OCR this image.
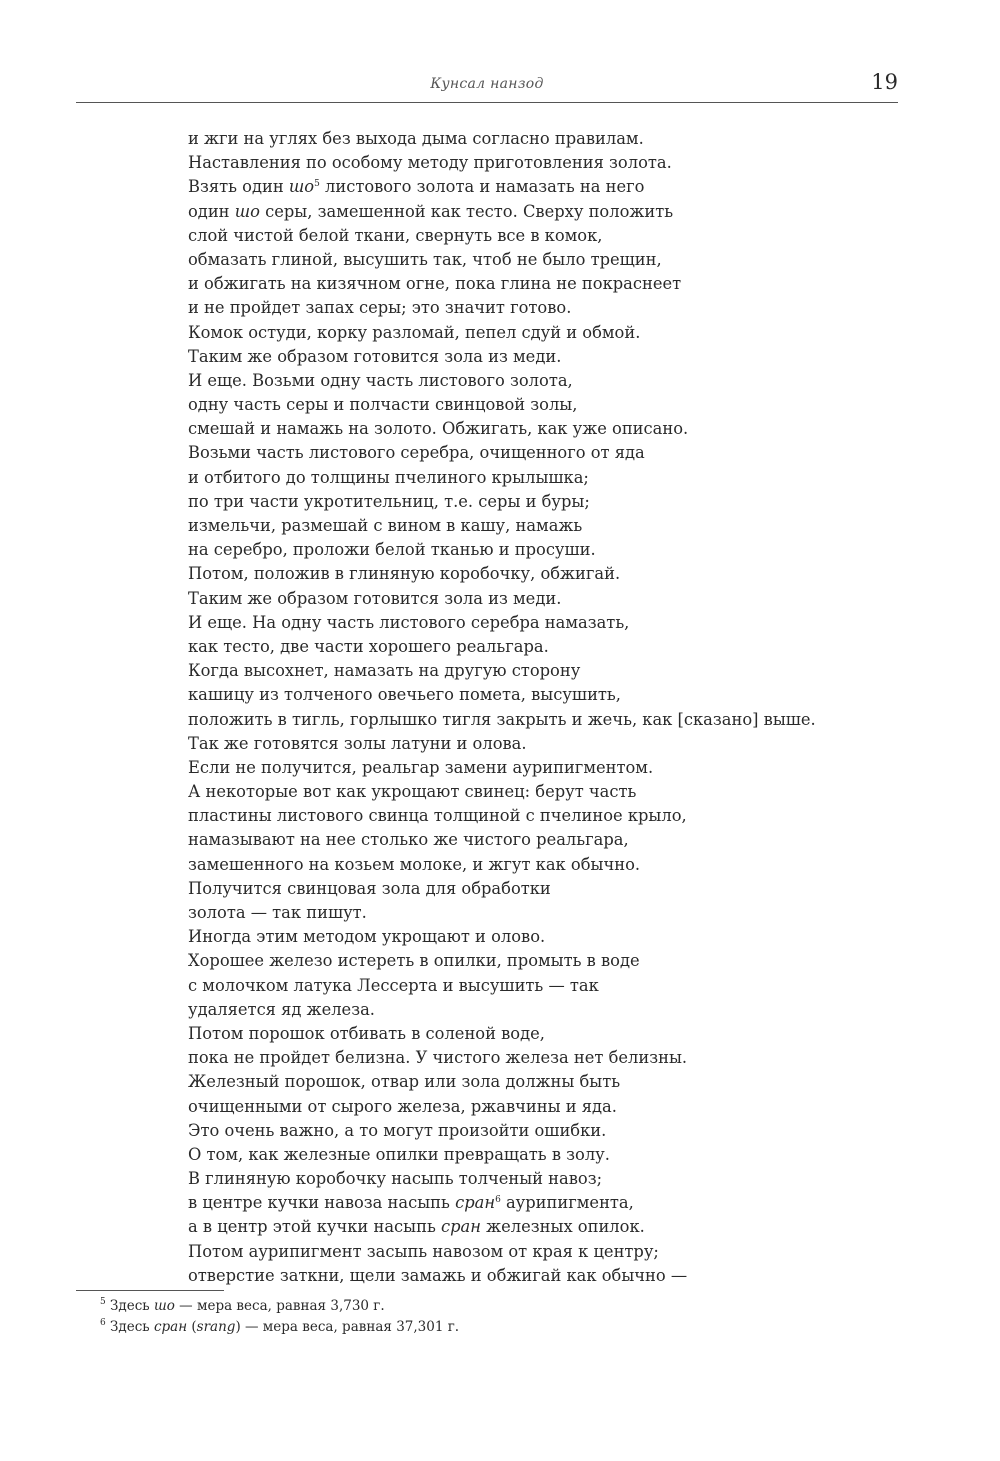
Кунсал нанзод	19
и жги на углях без выхода дыма согласно правилам.
Наставления по особому методу приготовления золота.
Взять один $шо^5$ листового золота и намазать на него
один шо серы, замешенной как тесто. Сверху положить
слой чистой белой ткани, свернуть все в комок,
обмазать глиной, высушить так, чтоб не было трещин,
и обжигать на кизячном огне, пока глина не покраснеет
и не пройдет запах серы; это значит готово.
Комок остуди, корку разломай, пепел сдуй и обмой.
Таким же образом готовится зола из меди.
И еще. Возьми одну часть листового золота,
одну часть серы и полчасти свинцовой золы,
смешай и намажь на золото. Обжигать, как уже описано.
Возьми часть листового серебра, очищенного от яда
и отбитого до толщины пчелиного крылышка;
по три части укротительниц, т.е. серы и буры;
измельчи, размешай с вином в кашу, намажь
на серебро, проложи белой тканью и просуши.
Потом, положив в глиняную коробочку, обжигай.
Таким же образом готовится зола из меди.
И еще. На одну часть листового серебра намазать,
как тесто, две части хорошего реальгара.
Когда высохнет, намазать на другую сторону
кашицу из толченого овечьего помета, высушить,
положить в тигль, горлышко тигля закрыть и жечь, как [сказано] выше.
Так же готовятся золы латуни и олова.
Если не получится, реальгар замени аурипигментом.
А некоторые вот как укрощают свинец: берут часть
пластины листового свинца толщиной с пчелиное крыло,
намазывают на нее столько же чистого реальгара,
замешенного на козьем молоке, и жгут как обычно.
Получится свинцовая зола для обработки
золота — так пишут.
Иногда этим методом укрощают и олово.
Хорошее железо истереть в опилки, промыть в воде
с молочком латука Лессерта и высушить — так
удаляется яд железа.
Потом порошок отбивать в соленой воде,
пока не пройдет белизна. У чистого железа нет белизны.
Железный порошок, отвар или зола должны быть
очищенными от сырого железа, ржавчины и яда.
Это очень важно, а то могут произойти ошибки.
О том, как железные опилки превращать в золу.
В глиняную коробочку насыпь толченый навоз;
в центре кучки навоза насыпь сран$^6$ аурипигмента,
а в центр этой кучки насыпь сран железных опилок.
Потом аурипигмент засыпь навозом от края к центру;
отверстие заткни, щели замажь и обжигай как обычно —
$^5$ Здесь шо — мера веса, равная 3,730 г.
$^6$ Здесь сран (srang) — мера веса, равная 37,301 г.
